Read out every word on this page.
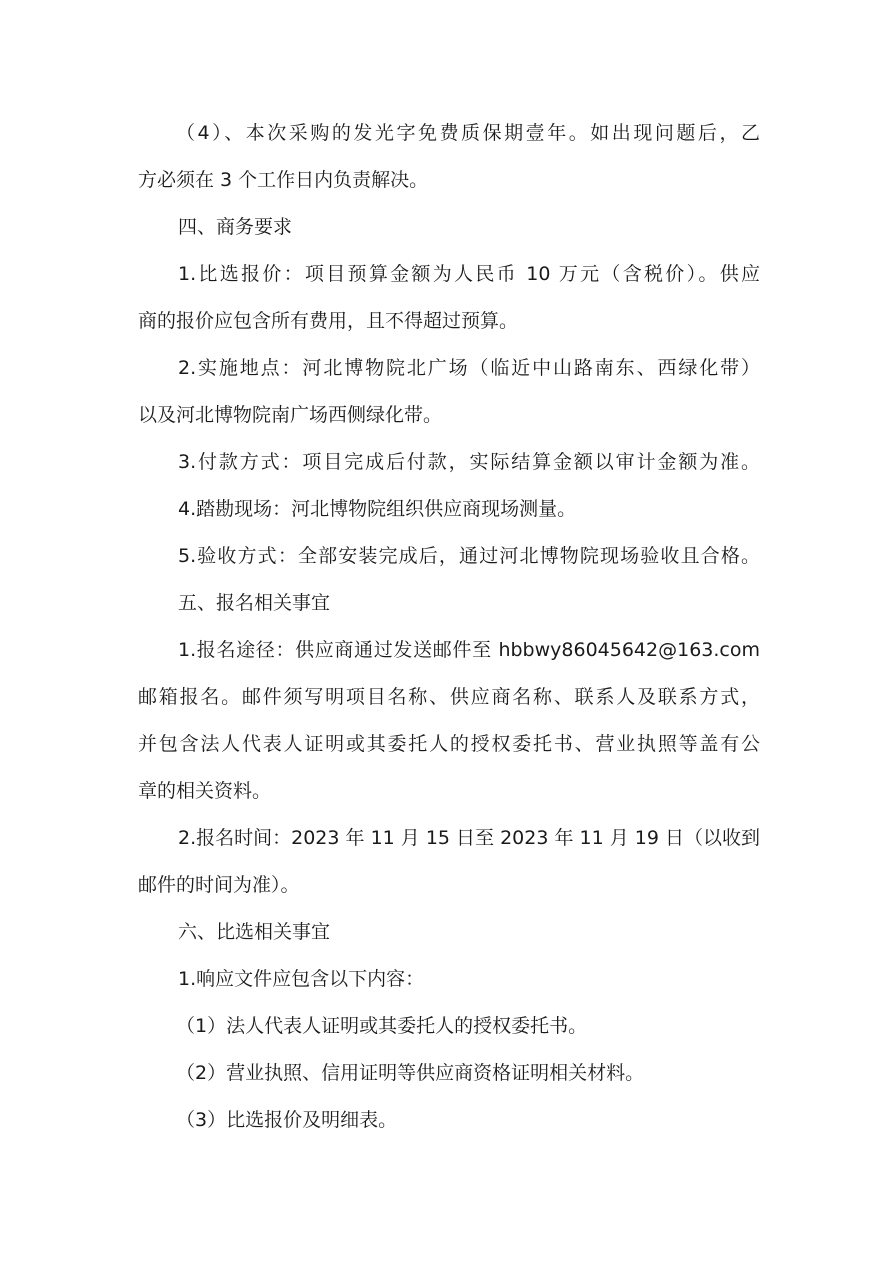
（4）、本次采购的发光字免费质保期壹年。如出现问题后，乙
方必须在 3 个工作日内负责解决。
四、商务要求
1.比选报价：项目预算金额为人民币 10 万元（含税价）。供应
商的报价应包含所有费用，且不得超过预算。
2.实施地点：河北博物院北广场（临近中山路南东、西绿化带）
以及河北博物院南广场西侧绿化带。
3.付款方式：项目完成后付款，实际结算金额以审计金额为准。
4.踏勘现场：河北博物院组织供应商现场测量。
5.验收方式：全部安装完成后，通过河北博物院现场验收且合格。
五、报名相关事宜
1.报名途径：供应商通过发送邮件至 hbbwy86045642@163.com
邮箱报名。邮件须写明项目名称、供应商名称、联系人及联系方式，
并包含法人代表人证明或其委托人的授权委托书、营业执照等盖有公
章的相关资料。
2.报名时间：2023 年 11 月 15 日至 2023 年 11 月 19 日（以收到
邮件的时间为准）。
六、比选相关事宜
1.响应文件应包含以下内容：
（1）法人代表人证明或其委托人的授权委托书。
（2）营业执照、信用证明等供应商资格证明相关材料。
（3）比选报价及明细表。
